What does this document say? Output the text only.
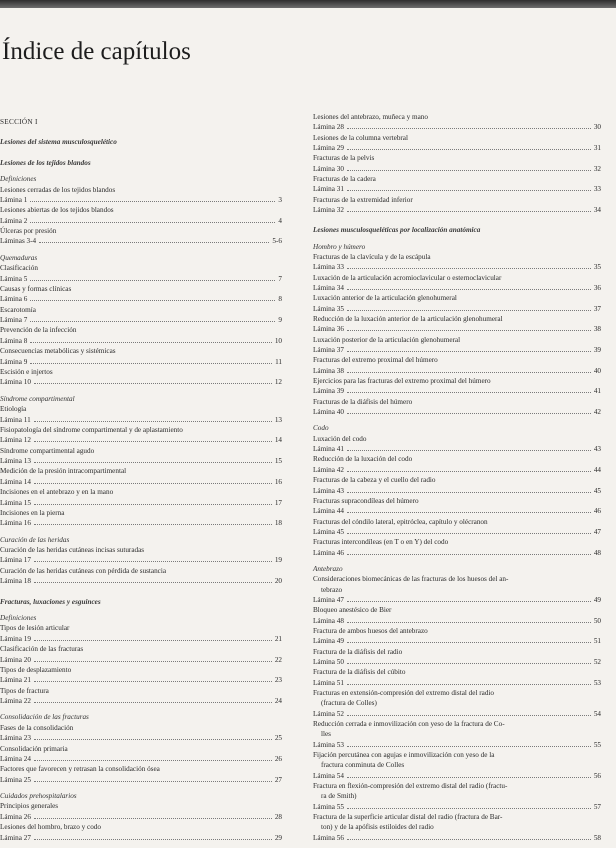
Índice de capítulos
SECCIÓN I
Lesiones del sistema musculosquelético
Lesiones de los tejidos blandos
Definiciones
Lesiones cerradas de los tejidos blandos
Lámina 1	3
Lesiones abiertas de los tejidos blandos
Lámina 2	4
Úlceras por presión
Láminas 3-4	5-6
Quemaduras
Clasificación
Lámina 5	7
Causas y formas clínicas
Lámina 6	8
Escarotomía
Lámina 7	9
Prevención de la infección
Lámina 8	10
Consecuencias metabólicas y sistémicas
Lámina 9	11
Escisión e injertos
Lámina 10	12
Síndrome compartimental
Etiología
Lámina 11	13
Fisiopatología del síndrome compartimental y de aplastamiento
Lámina 12	14
Síndrome compartimental agudo
Lámina 13	15
Medición de la presión intracompartimental
Lámina 14	16
Incisiones en el antebrazo y en la mano
Lámina 15	17
Incisiones en la pierna
Lámina 16	18
Curación de las heridas
Curación de las heridas cutáneas incisas suturadas
Lámina 17	19
Curación de las heridas cutáneas con pérdida de sustancia
Lámina 18	20
Fracturas, luxaciones y esguinces
Definiciones
Tipos de lesión articular
Lámina 19	21
Clasificación de las fracturas
Lámina 20	22
Tipos de desplazamiento
Lámina 21	23
Tipos de fractura
Lámina 22	24
Consolidación de las fracturas
Fases de la consolidación
Lámina 23	25
Consolidación primaria
Lámina 24	26
Factores que favorecen y retrasan la consolidación ósea
Lámina 25	27
Cuidados prehospitalarios
Principios generales
Lámina 26	28
Lesiones del hombro, brazo y codo
Lámina 27	29
Lesiones del antebrazo, muñeca y mano
Lámina 28	30
Lesiones de la columna vertebral
Lámina 29	31
Fracturas de la pelvis
Lámina 30	32
Fracturas de la cadera
Lámina 31	33
Fracturas de la extremidad inferior
Lámina 32	34
Lesiones musculosqueléticas por localización anatómica
Hombro y húmero
Fracturas de la clavícula y de la escápula
Lámina 33	35
Luxación de la articulación acromioclavicular o esternoclavicular
Lámina 34	36
Luxación anterior de la articulación glenohumeral
Lámina 35	37
Reducción de la luxación anterior de la articulación glenohumeral
Lámina 36	38
Luxación posterior de la articulación glenohumeral
Lámina 37	39
Fracturas del extremo proximal del húmero
Lámina 38	40
Ejercicios para las fracturas del extremo proximal del húmero
Lámina 39	41
Fracturas de la diáfisis del húmero
Lámina 40	42
Codo
Luxación del codo
Lámina 41	43
Reducción de la luxación del codo
Lámina 42	44
Fracturas de la cabeza y el cuello del radio
Lámina 43	45
Fracturas supracondíleas del húmero
Lámina 44	46
Fracturas del cóndilo lateral, epitróclea, capítulo y olécranon
Lámina 45	47
Fracturas intercondíleas (en T o en Y) del codo
Lámina 46	48
Antebrazo
Consideraciones biomecánicas de las fracturas de los huesos del an-
tebrazo
Lámina 47	49
Bloqueo anestésico de Bier
Lámina 48	50
Fractura de ambos huesos del antebrazo
Lámina 49	51
Fractura de la diáfisis del radio
Lámina 50	52
Fractura de la diáfisis del cúbito
Lámina 51	53
Fracturas en extensión-compresión del extremo distal del radio
(fractura de Colles)
Lámina 52	54
Reducción cerrada e inmovilización con yeso de la fractura de Co-
lles
Lámina 53	55
Fijación percutánea con agujas e inmovilización con yeso de la
fractura conminuta de Colles
Lámina 54	56
Fractura en flexión-compresión del extremo distal del radio (fractu-
ra de Smith)
Lámina 55	57
Fractura de la superficie articular distal del radio (fractura de Bar-
ton) y de la apófisis estiloides del radio
Lámina 56	58
